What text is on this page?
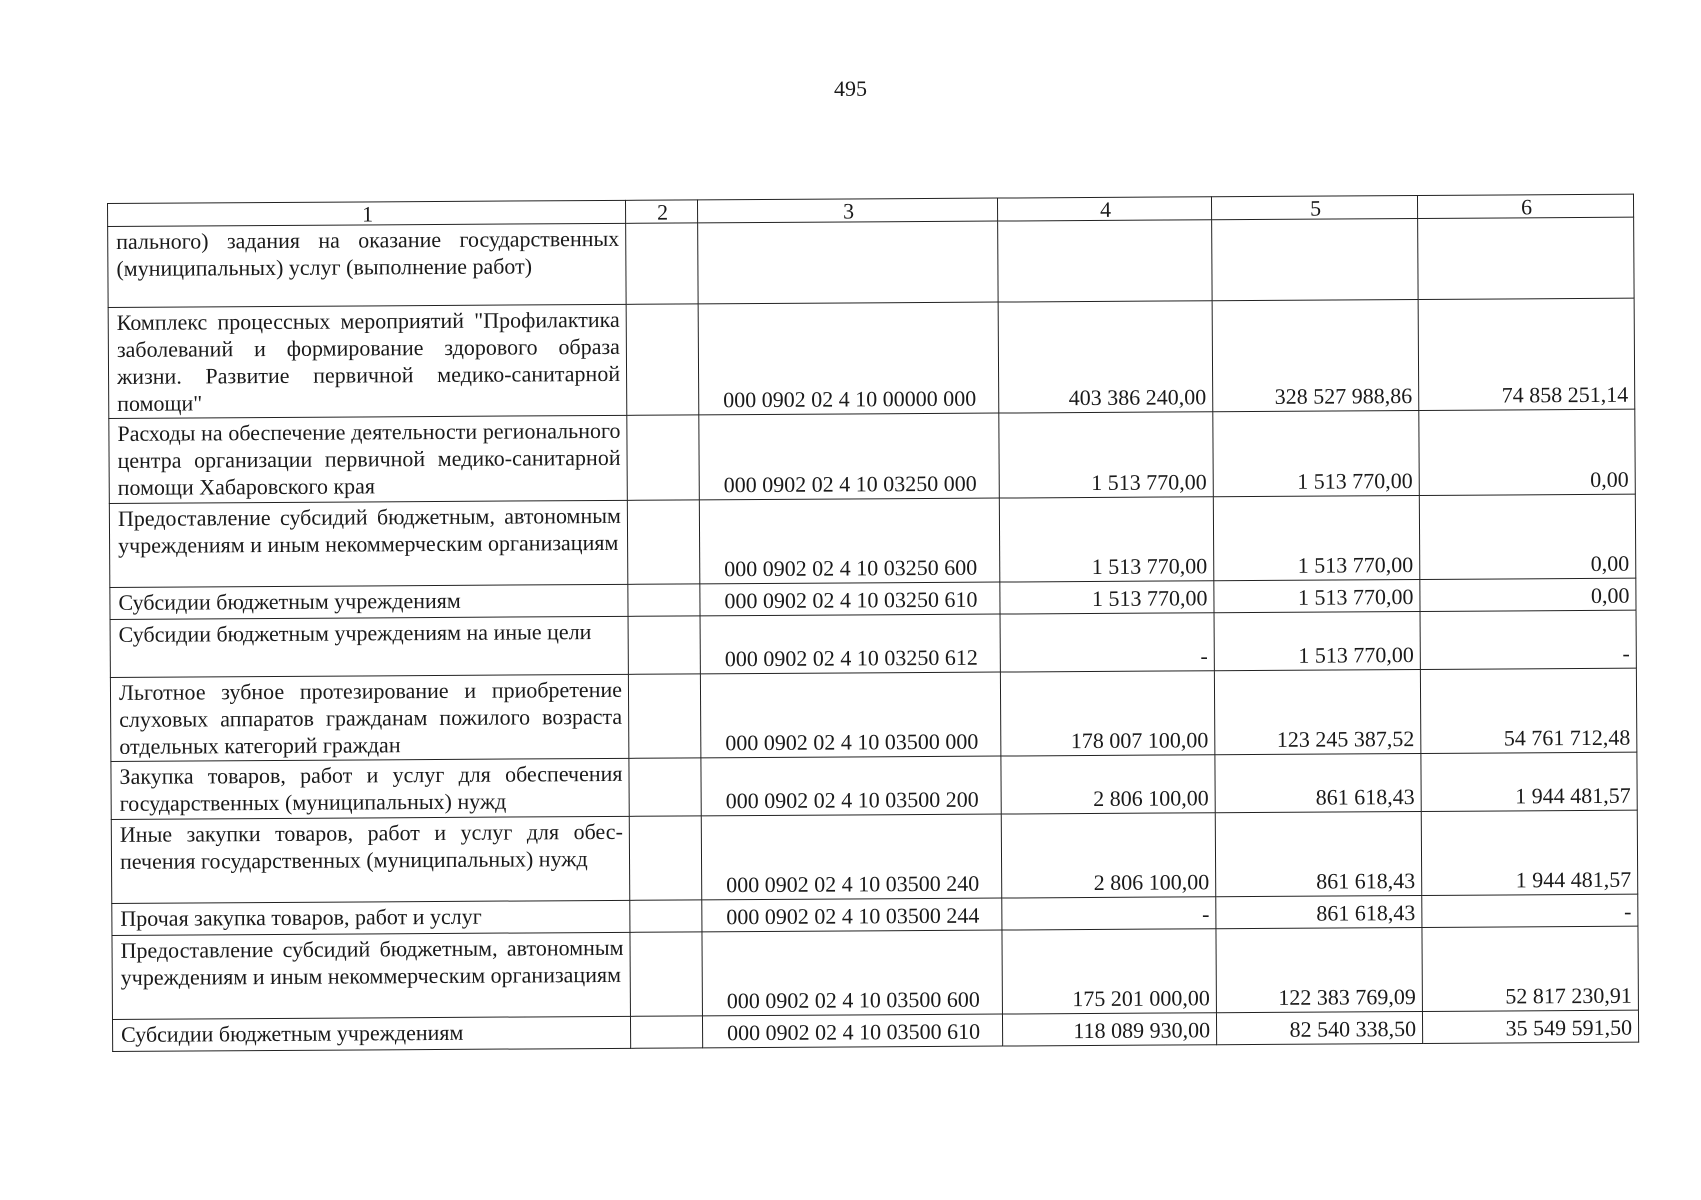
495
1	2	3	4	5	6
пального) задания на оказание государственных (муниципальных) услуг (выполнение работ)					
Комплекс процессных мероприятий "Профилактика заболеваний и формирование здорового образа жизни. Развитие первичной медико-санитарной помощи"		000 0902 02 4 10 00000 000	403 386 240,00	328 527 988,86	74 858 251,14
Расходы на обеспечение деятельности регионального центра организации первичной медико-санитарной помощи Хабаровского края		000 0902 02 4 10 03250 000	1 513 770,00	1 513 770,00	0,00
Предоставление субсидий бюджетным, автономным учреждениям и иным некоммерческим организациям		000 0902 02 4 10 03250 600	1 513 770,00	1 513 770,00	0,00
Субсидии бюджетным учреждениям		000 0902 02 4 10 03250 610	1 513 770,00	1 513 770,00	0,00
Субсидии бюджетным учреждениям на иные цели		000 0902 02 4 10 03250 612	-	1 513 770,00	-
Льготное зубное протезирование и приобретение слуховых аппаратов гражданам пожилого возраста отдельных категорий граждан		000 0902 02 4 10 03500 000	178 007 100,00	123 245 387,52	54 761 712,48
Закупка товаров, работ и услуг для обеспечения государственных (муниципальных) нужд		000 0902 02 4 10 03500 200	2 806 100,00	861 618,43	1 944 481,57
Иные закупки товаров, работ и услуг для обеспечения государственных (муниципальных) нужд		000 0902 02 4 10 03500 240	2 806 100,00	861 618,43	1 944 481,57
Прочая закупка товаров, работ и услуг		000 0902 02 4 10 03500 244	-	861 618,43	-
Предоставление субсидий бюджетным, автономным учреждениям и иным некоммерческим организациям		000 0902 02 4 10 03500 600	175 201 000,00	122 383 769,09	52 817 230,91
Субсидии бюджетным учреждениям		000 0902 02 4 10 03500 610	118 089 930,00	82 540 338,50	35 549 591,50
